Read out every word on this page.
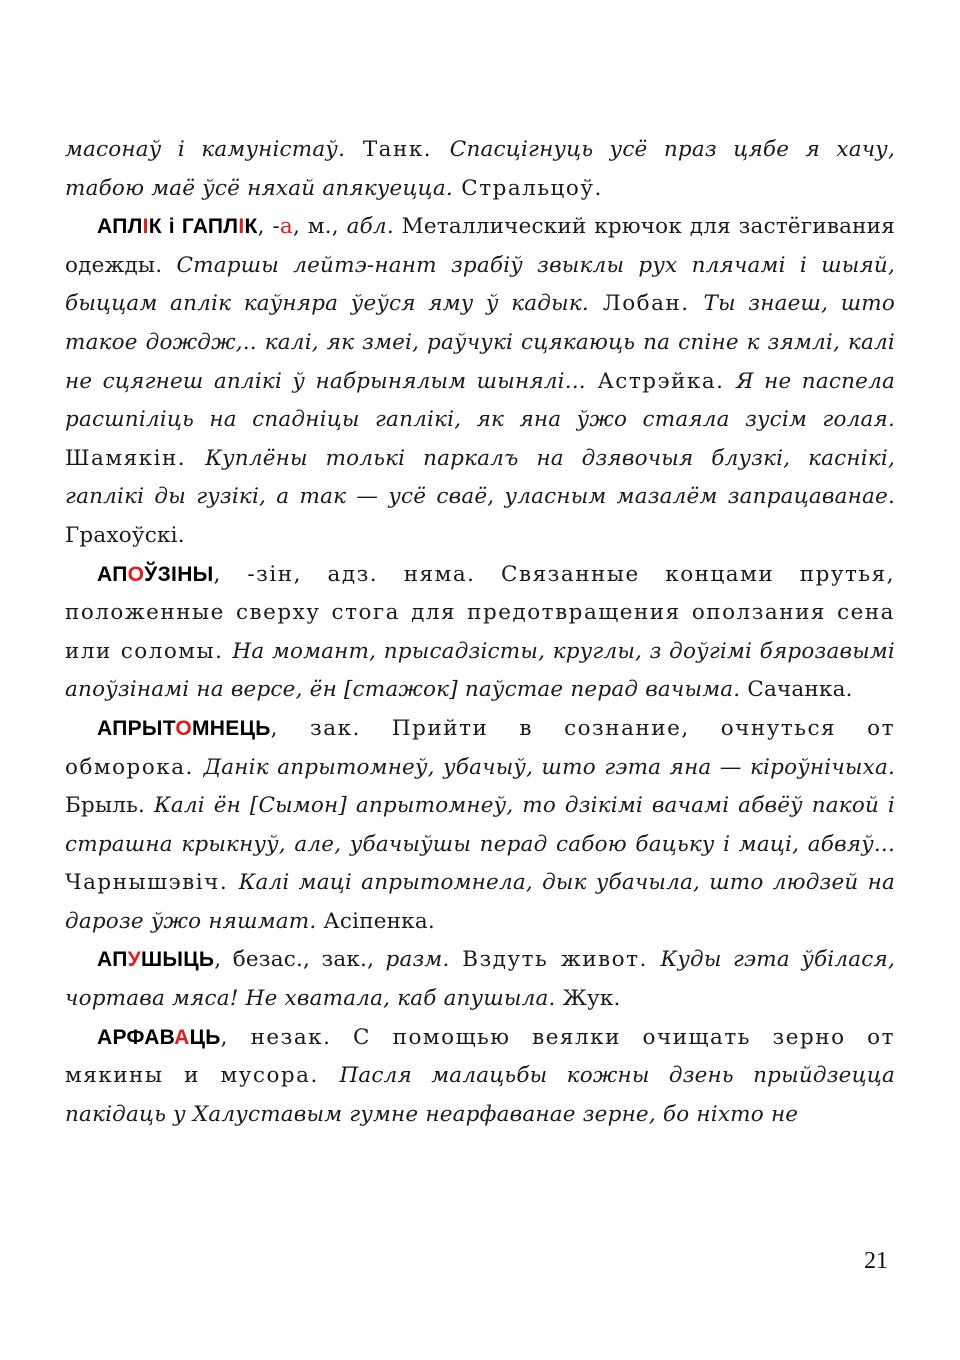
масонаў і камуністаў. Танк. Спасцігнуць усё праз цябе я хачу, табою маё ўсё няхай апякуецца. Стральцоў.

АПЛІК і ГАПЛІК, -а, м., абл. Металлический крючок для застёгивания одежды. Старшы лейтэ-нант зрабіў звыклы рух плячамі і шыяй, быццам аплік каўняра ўеўся яму ў кадык. Лобан. Ты знаеш, што такое дождж,.. калі, як змеі, раўчукі сцякаюць па спіне к зямлі, калі не сцягнеш аплікі ў набрынялым шынялі... Астрэйка. Я не паспела расшпіліць на спадніцы гаплікі, як яна ўжо стаяла зусім голая. Шамякін. Куплёны толькі паркалъ на дзявочыя блузкі, каснікі, гаплікі ды гузікі, а так — усё сваё, уласным мазалём запрацаванае. Грахоўскі.

АПОЎЗІНЫ, -зін, адз. няма. Связанные концами прутья, положенные сверху стога для предотвращения оползания сена или соломы. На момант, прысадзісты, круглы, з доўгімі бярозавымі апоўзінамі на версе, ён [стажок] паўстае перад вачыма. Сачанка.

АПРЫТОМНЕЦЬ, зак. Прийти в сознание, очнуться от обморока. Данік апрытомнеў, убачыў, што гэта яна — кіроўнічыха. Брыль. Калі ён [Сымон] апрытомнеў, то дзікімі вачамі абвёў пакой і страшна крыкнуў, але, убачыўшы перад сабою бацьку і маці, абвяў... Чарнышэвіч. Калі маці апрытомнела, дык убачыла, што людзей на дарозе ўжо няшмат. Асіпенка.

АПУШЫЦЬ, безас., зак., разм. Вздуть живот. Куды гэта ўбілася, чортава мяса! Не хватала, каб апушыла. Жук.

АРФАВАЦЬ, незак. С помощью веялки очищать зерно от мякины и мусора. Пасля малацьбы кожны дзень прыйдзецца пакідаць у Халуставым гумне неарфаванае зерне, бо ніхто не

21
